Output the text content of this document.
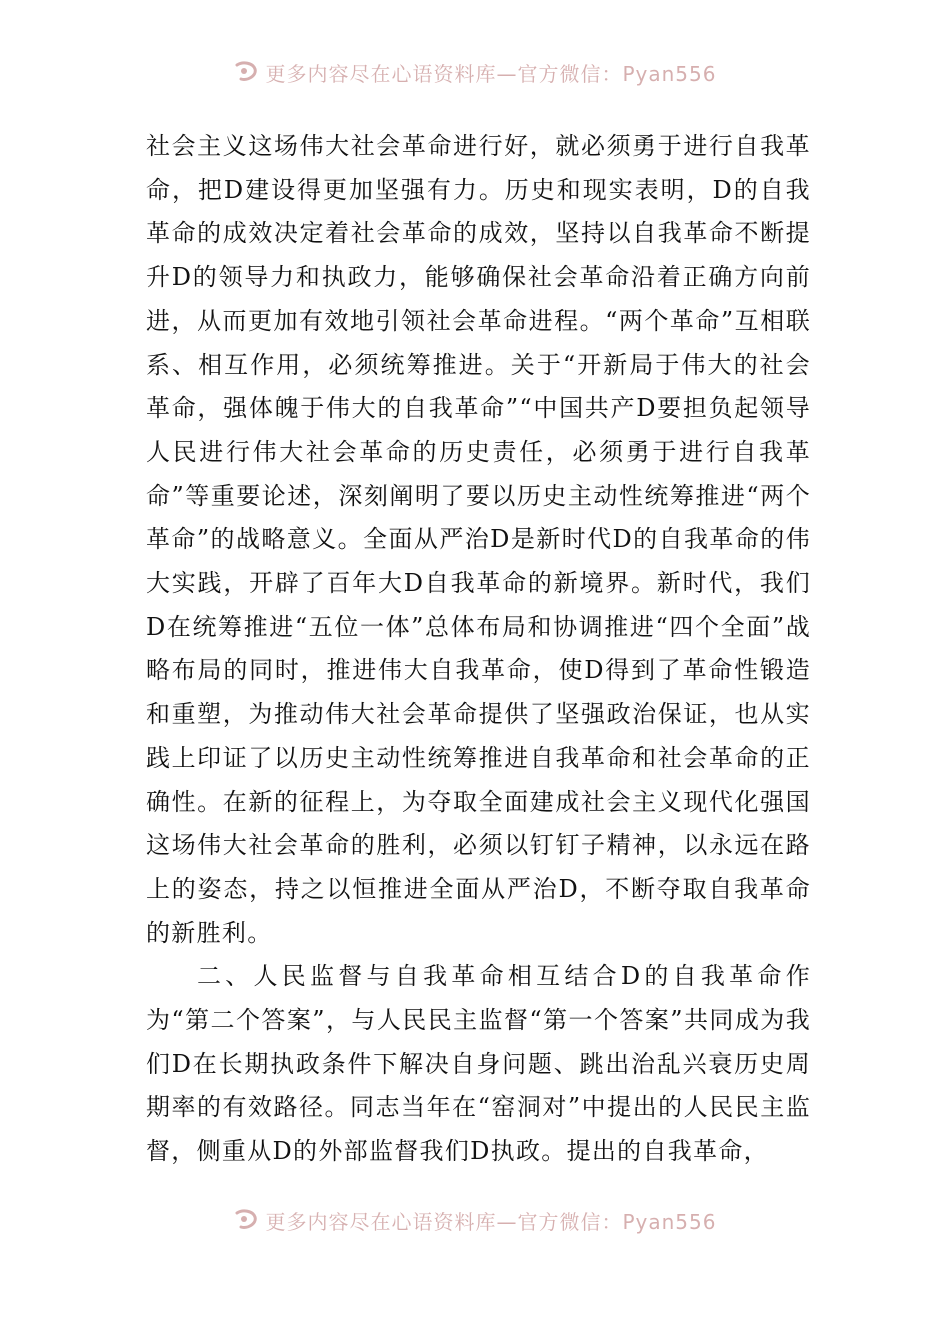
更多内容尽在心语资料库—官方微信：Pyan556

社会主义这场伟大社会革命进行好，就必须勇于进行自我革命，把D建设得更加坚强有力。历史和现实表明，D的自我革命的成效决定着社会革命的成效，坚持以自我革命不断提升D的领导力和执政力，能够确保社会革命沿着正确方向前进，从而更加有效地引领社会革命进程。“两个革命”互相联系、相互作用，必须统筹推进。关于“开新局于伟大的社会革命，强体魄于伟大的自我革命”“中国共产D要担负起领导人民进行伟大社会革命的历史责任，必须勇于进行自我革命”等重要论述，深刻阐明了要以历史主动性统筹推进“两个革命”的战略意义。全面从严治D是新时代D的自我革命的伟大实践，开辟了百年大D自我革命的新境界。新时代，我们D在统筹推进“五位一体”总体布局和协调推进“四个全面”战略布局的同时，推进伟大自我革命，使D得到了革命性锻造和重塑，为推动伟大社会革命提供了坚强政治保证，也从实践上印证了以历史主动性统筹推进自我革命和社会革命的正确性。在新的征程上，为夺取全面建成社会主义现代化强国这场伟大社会革命的胜利，必须以钉钉子精神，以永远在路上的姿态，持之以恒推进全面从严治D，不断夺取自我革命的新胜利。

二、人民监督与自我革命相互结合D的自我革命作为“第二个答案”，与人民民主监督“第一个答案”共同成为我们D在长期执政条件下解决自身问题、跳出治乱兴衰历史周期率的有效路径。同志当年在“窑洞对”中提出的人民民主监督，侧重从D的外部监督我们D执政。提出的自我革命，

更多内容尽在心语资料库—官方微信：Pyan556
